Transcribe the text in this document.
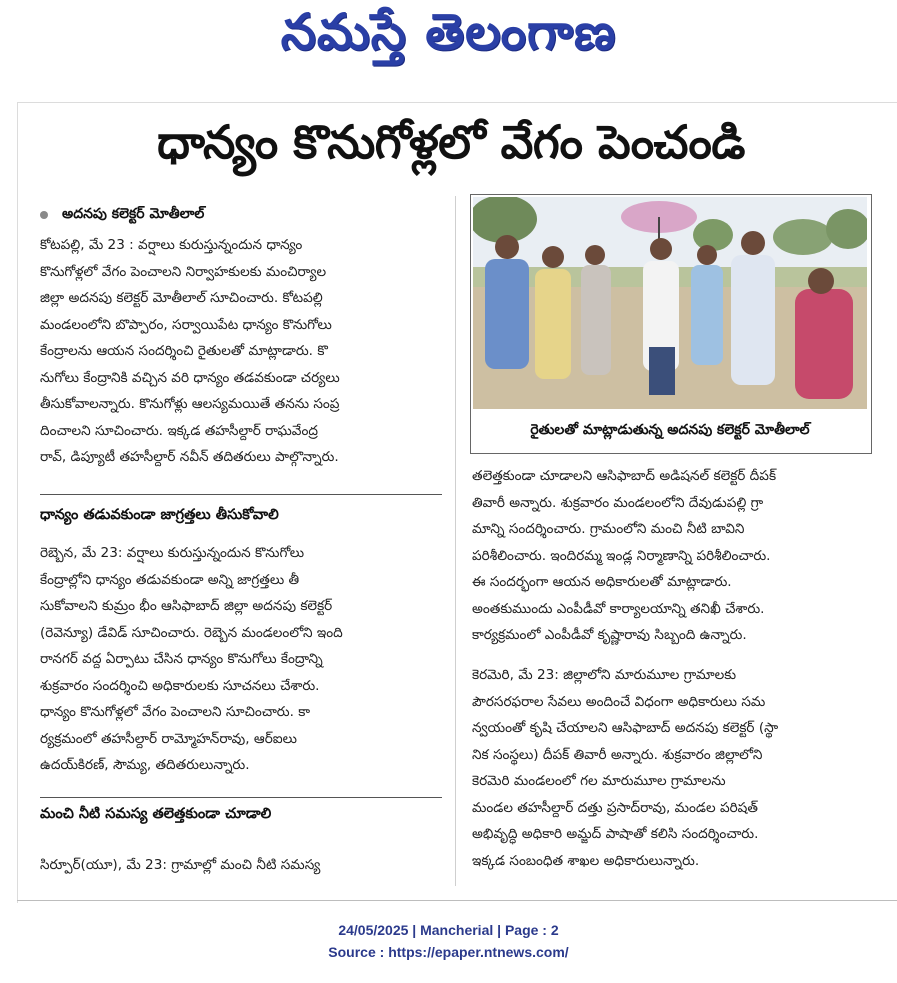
నమస్తే తెలంగాణ
ధాన్యం కొనుగోళ్లలో వేగం పెంచండి
అదనపు కలెక్టర్ మోతీలాల్
కోటపల్లి, మే 23 : వర్షాలు కురుస్తున్నందున ధాన్యం
కొనుగోళ్లలో వేగం పెంచాలని నిర్వాహకులకు మంచిర్యాల
జిల్లా అదనపు కలెక్టర్ మోతీలాల్ సూచించారు. కోటపల్లి
మండలంలోని బొప్పారం, సర్వాయిపేట ధాన్యం కొనుగోలు
కేంద్రాలను ఆయన సందర్శించి రైతులతో మాట్లాడారు. కొ
నుగోలు కేంద్రానికి వచ్చిన వరి ధాన్యం తడవకుండా చర్యలు
తీసుకోవాలన్నారు. కొనుగోళ్లు ఆలస్యమయితే తనను సంప్ర
దించాలని సూచించారు. ఇక్కడ తహసీల్దార్ రాఘవేంద్ర
రావ్, డిప్యూటీ తహసీల్దార్ నవీన్ తదితరులు పాల్గొన్నారు.
ధాన్యం తడువకుండా జాగ్రత్తలు తీసుకోవాలి
రెబ్బెన, మే 23: వర్షాలు కురుస్తున్నందున కొనుగోలు
కేంద్రాల్లోని ధాన్యం తడువకుండా అన్ని జాగ్రత్తలు తీ
సుకోవాలని కుమ్రం భీం ఆసిఫాబాద్ జిల్లా అదనపు కలెక్టర్
(రెవెన్యూ) డేవిడ్ సూచించారు. రెబ్బెన మండలంలోని ఇంది
రానగర్ వద్ద ఏర్పాటు చేసిన ధాన్యం కొనుగోలు కేంద్రాన్ని
శుక్రవారం సందర్శించి అధికారులకు సూచనలు చేశారు.
ధాన్యం కొనుగోళ్లలో వేగం పెంచాలని సూచించారు. కా
ర్యక్రమంలో తహసీల్దార్ రామ్మోహన్‌రావు, ఆర్‌ఐలు
ఉదయ్‌కిరణ్, సౌమ్య, తదితరులున్నారు.
మంచి నీటి సమస్య తలెత్తకుండా చూడాలి
సిర్పూర్(యూ), మే 23: గ్రామాల్లో మంచి నీటి సమస్య
రైతులతో మాట్లాడుతున్న అదనపు కలెక్టర్ మోతీలాల్
తలెత్తకుండా చూడాలని ఆసిఫాబాద్ అడిషనల్ కలెక్టర్ దీపక్
తివారీ అన్నారు. శుక్రవారం మండలంలోని దేవుడుపల్లి గ్రా
మాన్ని సందర్శించారు. గ్రామంలోని మంచి నీటి బావిని
పరిశీలించారు. ఇందిరమ్మ ఇండ్ల నిర్మాణాన్ని పరిశీలించారు.
ఈ సందర్భంగా ఆయన అధికారులతో మాట్లాడారు.
అంతకుముందు ఎంపీడీవో కార్యాలయాన్ని తనిఖీ చేశారు.
కార్యక్రమంలో ఎంపీడీవో కృష్ణారావు సిబ్బంది ఉన్నారు.
కెరమెరి, మే 23: జిల్లాలోని మారుమూల గ్రామాలకు
పౌరసరఫరాల సేవలు అందించే విధంగా అధికారులు సమ
న్వయంతో కృషి చేయాలని ఆసిఫాబాద్ అదనపు కలెక్టర్ (స్థా
నిక సంస్థలు) దీపక్ తివారీ అన్నారు. శుక్రవారం జిల్లాలోని
కెరమెరి మండలంలో గల మారుమూల గ్రామాలను
మండల తహసీల్దార్ దత్తు ప్రసాద్‌రావు, మండల పరిషత్
అభివృద్ధి అధికారి అమ్జద్ పాషాతో కలిసి సందర్శించారు.
ఇక్కడ సంబంధిత శాఖల అధికారులున్నారు.
24/05/2025 | Mancherial | Page : 2
Source : https://epaper.ntnews.com/
